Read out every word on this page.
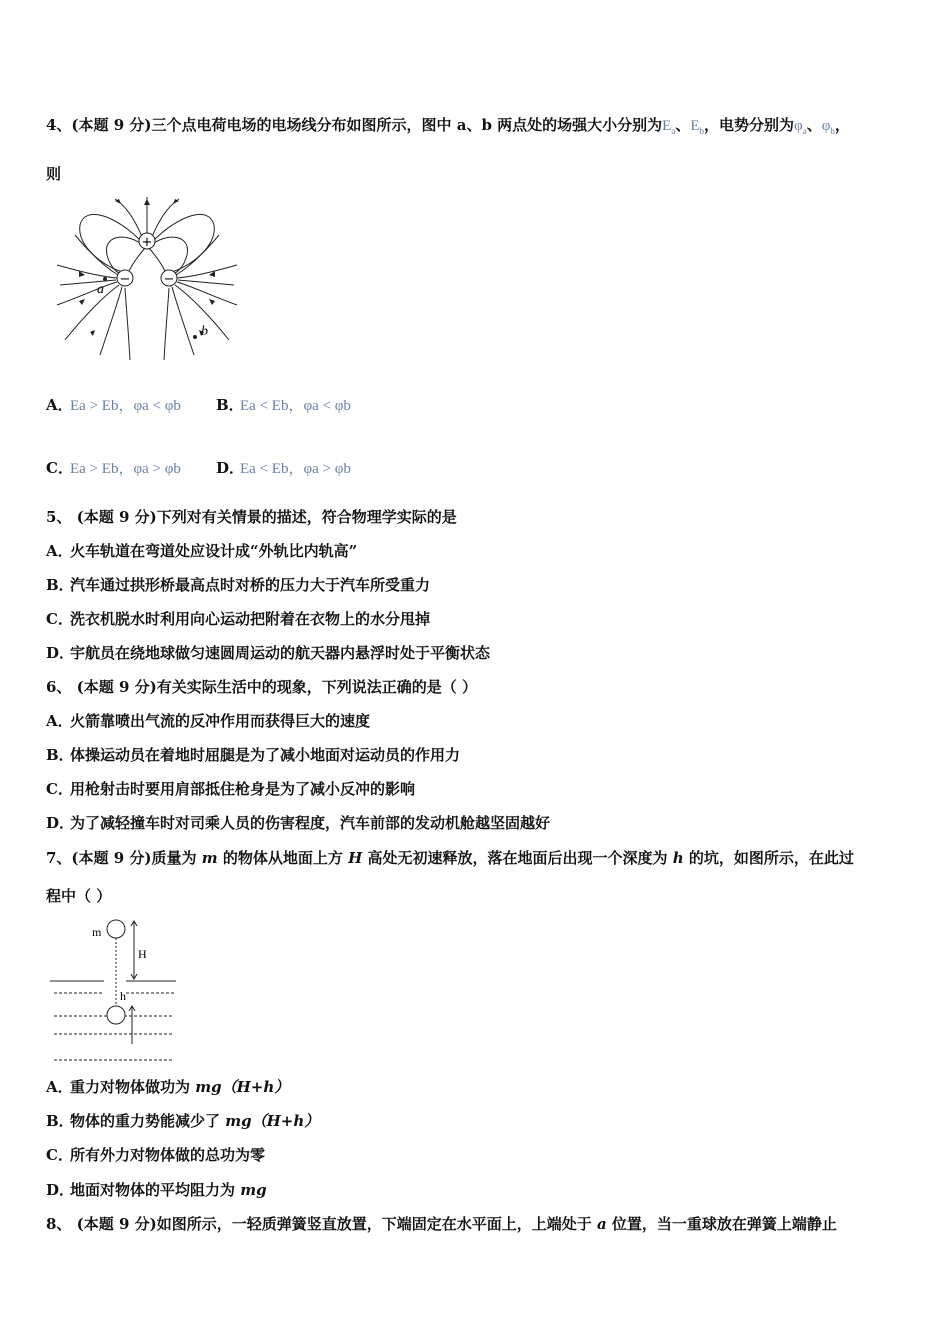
4、(本题 9 分)三个点电荷电场的电场线分布如图所示，图中 a、b 两点处的场强大小分别为$E_a$、$E_b$，电势分别为$\varphi_a$、$\varphi_b$，
则
+
−	−
a
b
A．Ea > Eb，φa < φb B．Ea < Eb，φa < φb
C．Ea > Eb，φa > φb D．Ea < Eb，φa > φb
5、 (本题 9 分)下列对有关情景的描述，符合物理学实际的是
A．火车轨道在弯道处应设计成“外轨比内轨高”
B．汽车通过拱形桥最高点时对桥的压力大于汽车所受重力
C．洗衣机脱水时利用向心运动把附着在衣物上的水分甩掉
D．宇航员在绕地球做匀速圆周运动的航天器内悬浮时处于平衡状态
6、 (本题 9 分)有关实际生活中的现象，下列说法正确的是（ ）
A．火箭靠喷出气流的反冲作用而获得巨大的速度
B．体操运动员在着地时屈腿是为了减小地面对运动员的作用力
C．用枪射击时要用肩部抵住枪身是为了减小反冲的影响
D．为了减轻撞车时对司乘人员的伤害程度，汽车前部的发动机舱越坚固越好
7、(本题 9 分)质量为 m 的物体从地面上方 H 高处无初速释放，落在地面后出现一个深度为 h 的坑，如图所示，在此过
程中（ ）
m
H
h
A．重力对物体做功为 mg（H+h）
B．物体的重力势能减少了 mg（H+h）
C．所有外力对物体做的总功为零
D．地面对物体的平均阻力为 mg
8、 (本题 9 分)如图所示，一轻质弹簧竖直放置，下端固定在水平面上，上端处于 a 位置，当一重球放在弹簧上端静止
